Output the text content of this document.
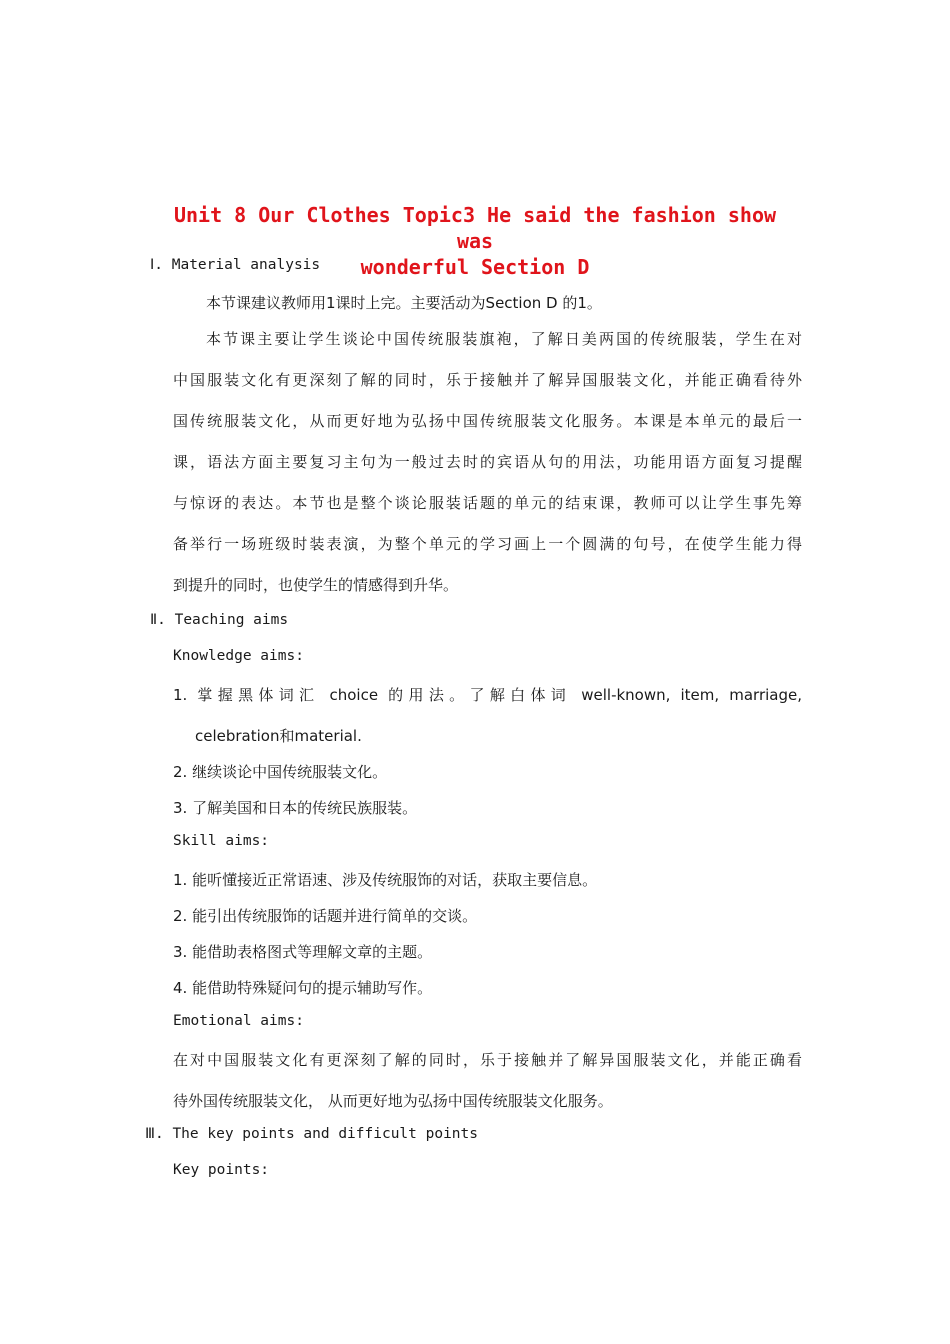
Unit 8 Our Clothes Topic3 He said the fashion show was
wonderful Section D
Ⅰ. Material analysis
本节课建议教师用1课时上完。主要活动为Section D 的1。
本节课主要让学生谈论中国传统服装旗袍，了解日美两国的传统服装，学生在对
中国服装文化有更深刻了解的同时，乐于接触并了解异国服装文化，并能正确看待外
国传统服装文化，从而更好地为弘扬中国传统服装文化服务。本课是本单元的最后一
课，语法方面主要复习主句为一般过去时的宾语从句的用法，功能用语方面复习提醒
与惊讶的表达。本节也是整个谈论服装话题的单元的结束课，教师可以让学生事先筹
备举行一场班级时装表演，为整个单元的学习画上一个圆满的句号，在使学生能力得
到提升的同时，也使学生的情感得到升华。
Ⅱ. Teaching aims
Knowledge aims:
1. 掌握黑体词汇 choice 的用法。了解白体词 well-known, item, marriage,
celebration和material.
2. 继续谈论中国传统服装文化。
3. 了解美国和日本的传统民族服装。
Skill aims:
1. 能听懂接近正常语速、涉及传统服饰的对话，获取主要信息。
2. 能引出传统服饰的话题并进行简单的交谈。
3. 能借助表格图式等理解文章的主题。
4. 能借助特殊疑问句的提示辅助写作。
Emotional aims:
在对中国服装文化有更深刻了解的同时，乐于接触并了解异国服装文化，并能正确看
待外国传统服装文化， 从而更好地为弘扬中国传统服装文化服务。
Ⅲ. The key points and difficult points
Key points:
